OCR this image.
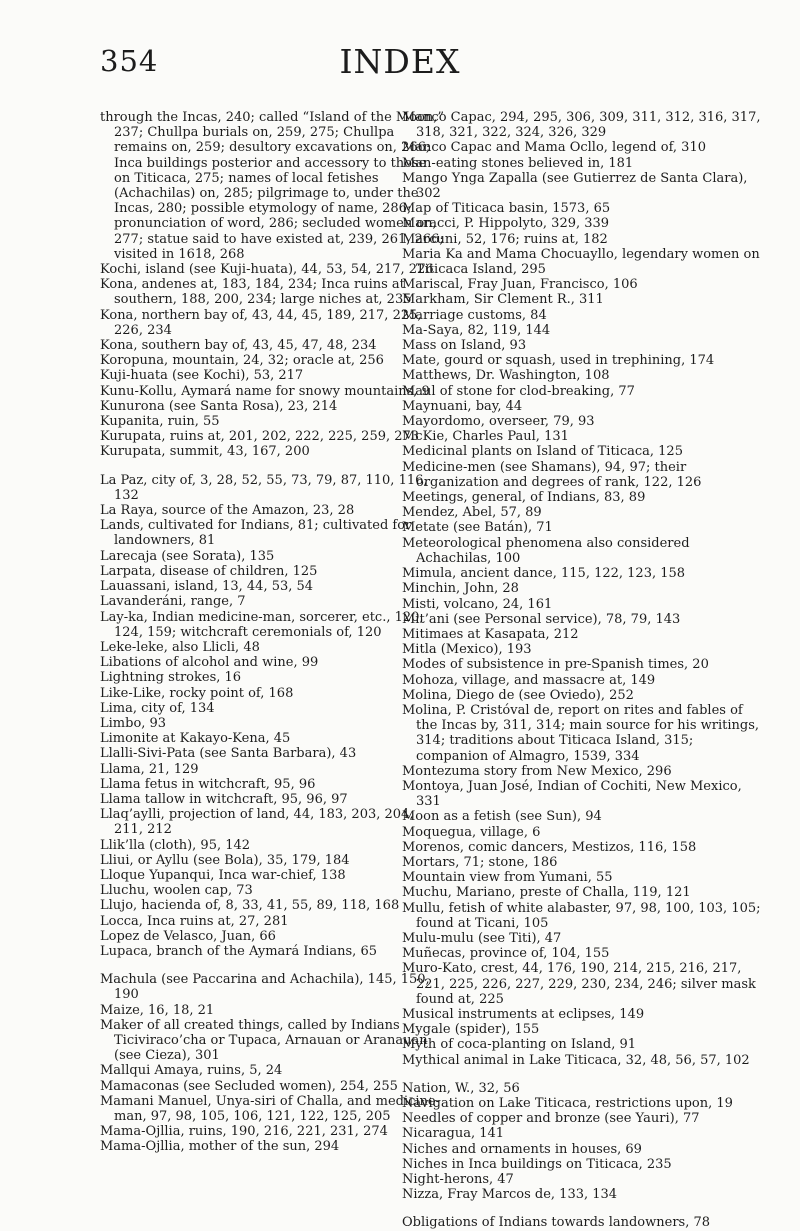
354	INDEX

through the Incas, 240; called “Island of the Moon,” 237; Chullpa burials on, 259, 275; Chullpa remains on, 259; desultory excavations on, 266; Inca buildings posterior and accessory to those on Titicaca, 275; names of local fetishes (Achachilas) on, 285; pilgrimage to, under the Incas, 280; possible etymology of name, 286; pronunciation of word, 286; secluded women on, 277; statue said to have existed at, 239, 261, 266; visited in 1618, 268

Kochi, island (see Kuji-huata), 44, 53, 54, 217, 226

Kona, andenes at, 183, 184, 234; Inca ruins at southern, 188, 200, 234; large niches at, 235

Kona, northern bay of, 43, 44, 45, 189, 217, 225, 226, 234

Kona, southern bay of, 43, 45, 47, 48, 234

Koropuna, mountain, 24, 32; oracle at, 256

Kuji-huata (see Kochi), 53, 217

Kunu-Kollu, Aymará name for snowy mountains, 9

Kunurona (see Santa Rosa), 23, 214

Kupanita, ruin, 55

Kurupata, ruins at, 201, 202, 222, 225, 259, 273

Kurupata, summit, 43, 167, 200

La Paz, city of, 3, 28, 52, 55, 73, 79, 87, 110, 116, 132

La Raya, source of the Amazon, 23, 28

Lands, cultivated for Indians, 81; cultivated for landowners, 81

Larecaja (see Sorata), 135

Larpata, disease of children, 125

Lauassani, island, 13, 44, 53, 54

Lavanderáni, range, 7

Lay-ka, Indian medicine-man, sorcerer, etc., 120, 124, 159; witchcraft ceremonials of, 120

Leke-leke, also Llicli, 48

Libations of alcohol and wine, 99

Lightning strokes, 16

Like-Like, rocky point of, 168

Lima, city of, 134

Limbo, 93

Limonite at Kakayo-Kena, 45

Llalli-Sivi-Pata (see Santa Barbara), 43

Llama, 21, 129

Llama fetus in witchcraft, 95, 96

Llama tallow in witchcraft, 95, 96, 97

Llaq’aylli, projection of land, 44, 183, 203, 204, 211, 212

Llik’lla (cloth), 95, 142

Lliui, or Ayllu (see Bola), 35, 179, 184

Lloque Yupanqui, Inca war-chief, 138

Lluchu, woolen cap, 73

Llujo, hacienda of, 8, 33, 41, 55, 89, 118, 168

Locca, Inca ruins at, 27, 281

Lopez de Velasco, Juan, 66

Lupaca, branch of the Aymará Indians, 65

Machula (see Paccarina and Achachila), 145, 150, 190

Maize, 16, 18, 21

Maker of all created things, called by Indians Ticiviraco’cha or Tupaca, Arnauan or Aranauan (see Cieza), 301

Mallqui Amaya, ruins, 5, 24

Mamaconas (see Secluded women), 254, 255

Mamani Manuel, Unya-siri of Challa, and medicine-man, 97, 98, 105, 106, 121, 122, 125, 205

Mama-Ojllia, ruins, 190, 216, 221, 231, 274

Mama-Ojllia, mother of the sun, 294

Manco Capac, 294, 295, 306, 309, 311, 312, 316, 317, 318, 321, 322, 324, 326, 329

Manco Capac and Mama Ocllo, legend of, 310

Man-eating stones believed in, 181

Mango Ynga Zapalla (see Gutierrez de Santa Clara), 302

Map of Titicaca basin, 1573, 65

Maracci, P. Hippolyto, 329, 339

Marcuni, 52, 176; ruins at, 182

Maria Ka and Mama Chocuayllo, legendary women on Titicaca Island, 295

Mariscal, Fray Juan, Francisco, 106

Markham, Sir Clement R., 311

Marriage customs, 84

Ma-Saya, 82, 119, 144

Mass on Island, 93

Mate, gourd or squash, used in trephining, 174

Matthews, Dr. Washington, 108

Maul of stone for clod-breaking, 77

Maynuani, bay, 44

Mayordomo, overseer, 79, 93

McKie, Charles Paul, 131

Medicinal plants on Island of Titicaca, 125

Medicine-men (see Shamans), 94, 97; their organization and degrees of rank, 122, 126

Meetings, general, of Indians, 83, 89

Mendez, Abel, 57, 89

Metate (see Batán), 71

Meteorological phenomena also considered Achachilas, 100

Mimula, ancient dance, 115, 122, 123, 158

Minchin, John, 28

Misti, volcano, 24, 161

Mit’ani (see Personal service), 78, 79, 143

Mitimaes at Kasapata, 212

Mitla (Mexico), 193

Modes of subsistence in pre-Spanish times, 20

Mohoza, village, and massacre at, 149

Molina, Diego de (see Oviedo), 252

Molina, P. Cristóval de, report on rites and fables of the Incas by, 311, 314; main source for his writings, 314; traditions about Titicaca Island, 315; companion of Almagro, 1539, 334

Montezuma story from New Mexico, 296

Montoya, Juan José, Indian of Cochiti, New Mexico, 331

Moon as a fetish (see Sun), 94

Moquegua, village, 6

Morenos, comic dancers, Mestizos, 116, 158

Mortars, 71; stone, 186

Mountain view from Yumani, 55

Muchu, Mariano, preste of Challa, 119, 121

Mullu, fetish of white alabaster, 97, 98, 100, 103, 105; found at Ticani, 105

Mulu-mulu (see Titi), 47

Muñecas, province of, 104, 155

Muro-Kato, crest, 44, 176, 190, 214, 215, 216, 217, 221, 225, 226, 227, 229, 230, 234, 246; silver mask found at, 225

Musical instruments at eclipses, 149

Mygale (spider), 155

Myth of coca-planting on Island, 91

Mythical animal in Lake Titicaca, 32, 48, 56, 57, 102

Nation, W., 32, 56

Navigation on Lake Titicaca, restrictions upon, 19

Needles of copper and bronze (see Yauri), 77

Nicaragua, 141

Niches and ornaments in houses, 69

Niches in Inca buildings on Titicaca, 235

Night-herons, 47

Nizza, Fray Marcos de, 133, 134

Obligations of Indians towards landowners, 78
